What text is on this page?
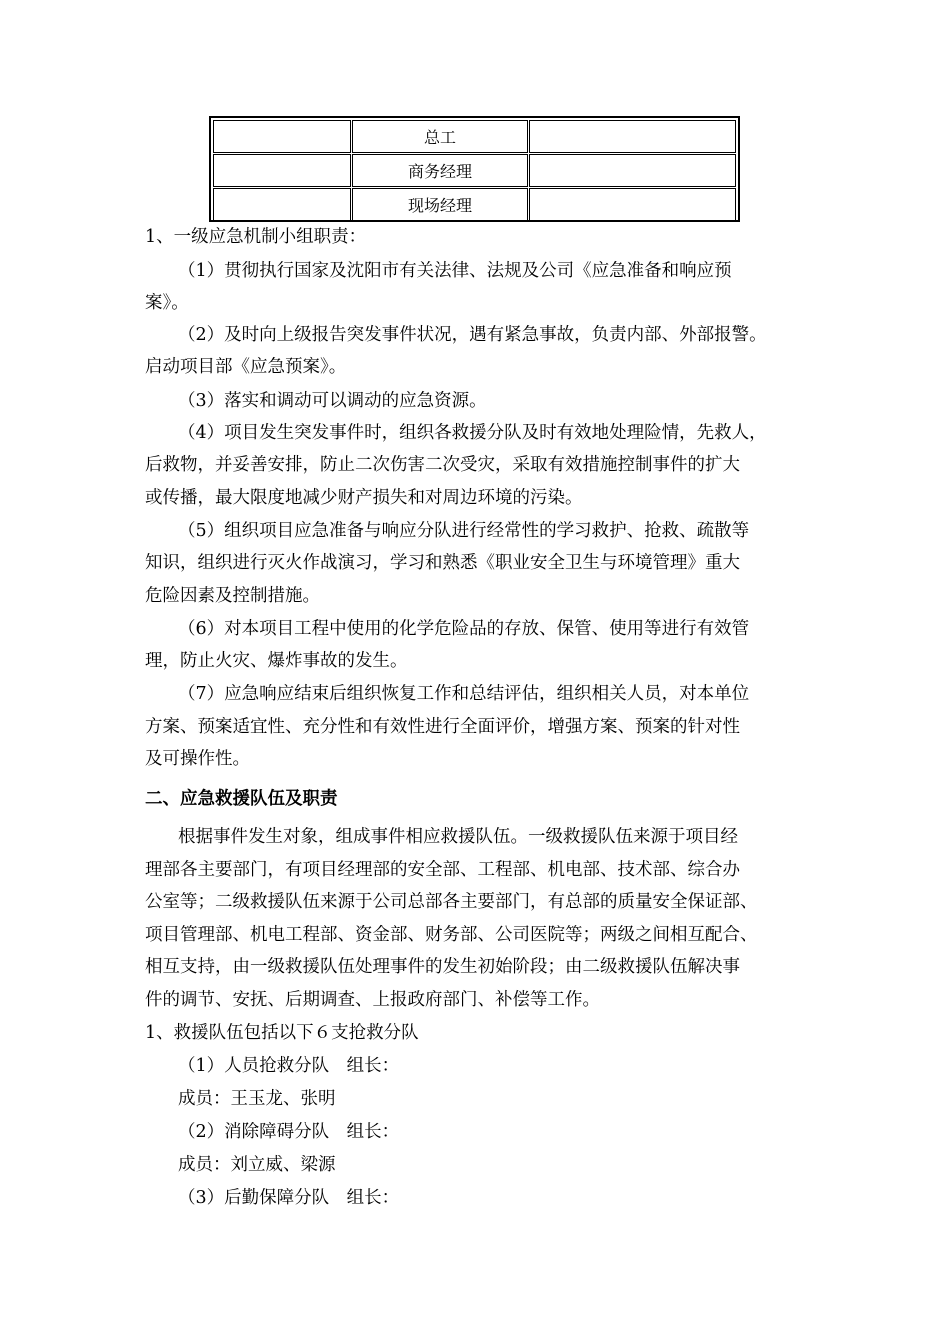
	总工	
	商务经理	
	现场经理	
1、一级应急机制小组职责：
（1）贯彻执行国家及沈阳市有关法律、法规及公司《应急准备和响应预
案》。
（2）及时向上级报告突发事件状况，遇有紧急事故，负责内部、外部报警。
启动项目部《应急预案》。
（3）落实和调动可以调动的应急资源。
（4）项目发生突发事件时，组织各救援分队及时有效地处理险情，先救人，
后救物，并妥善安排，防止二次伤害二次受灾，采取有效措施控制事件的扩大
或传播，最大限度地减少财产损失和对周边环境的污染。
（5）组织项目应急准备与响应分队进行经常性的学习救护、抢救、疏散等
知识，组织进行灭火作战演习，学习和熟悉《职业安全卫生与环境管理》重大
危险因素及控制措施。
（6）对本项目工程中使用的化学危险品的存放、保管、使用等进行有效管
理，防止火灾、爆炸事故的发生。
（7）应急响应结束后组织恢复工作和总结评估，组织相关人员，对本单位
方案、预案适宜性、充分性和有效性进行全面评价，增强方案、预案的针对性
及可操作性。
二、应急救援队伍及职责
根据事件发生对象，组成事件相应救援队伍。一级救援队伍来源于项目经
理部各主要部门，有项目经理部的安全部、工程部、机电部、技术部、综合办
公室等；二级救援队伍来源于公司总部各主要部门，有总部的质量安全保证部、
项目管理部、机电工程部、资金部、财务部、公司医院等；两级之间相互配合、
相互支持，由一级救援队伍处理事件的发生初始阶段；由二级救援队伍解决事
件的调节、安抚、后期调查、上报政府部门、补偿等工作。
1、救援队伍包括以下６支抢救分队
（1）人员抢救分队　组长：
成员：王玉龙、张明
（2）消除障碍分队　组长：
成员：刘立威、梁源
（3）后勤保障分队　组长：
